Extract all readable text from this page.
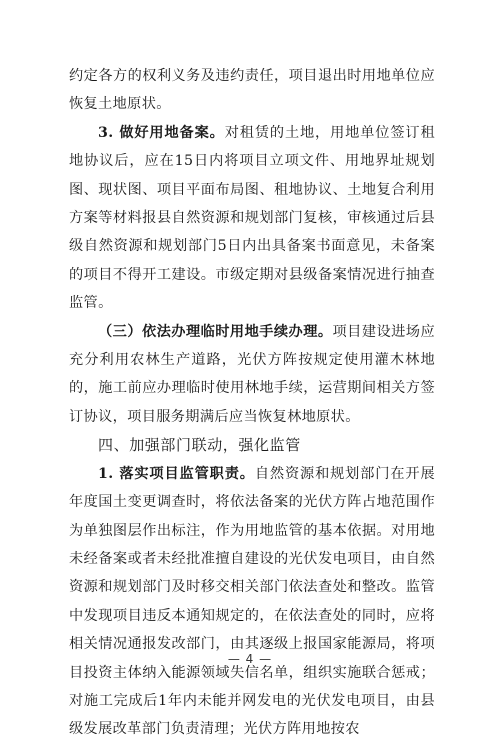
约定各方的权利义务及违约责任，项目退出时用地单位应恢复土地原状。

3. 做好用地备案。对租赁的土地，用地单位签订租地协议后，应在15日内将项目立项文件、用地界址规划图、现状图、项目平面布局图、租地协议、土地复合利用方案等材料报县自然资源和规划部门复核，审核通过后县级自然资源和规划部门5日内出具备案书面意见，未备案的项目不得开工建设。市级定期对县级备案情况进行抽查监管。

（三）依法办理临时用地手续办理。项目建设进场应充分利用农林生产道路，光伏方阵按规定使用灌木林地的，施工前应办理临时使用林地手续，运营期间相关方签订协议，项目服务期满后应当恢复林地原状。

四、加强部门联动，强化监管

1. 落实项目监管职责。自然资源和规划部门在开展年度国土变更调查时，将依法备案的光伏方阵占地范围作为单独图层作出标注，作为用地监管的基本依据。对用地未经备案或者未经批准擅自建设的光伏发电项目，由自然资源和规划部门及时移交相关部门依法查处和整改。监管中发现项目违反本通知规定的，在依法查处的同时，应将相关情况通报发改部门，由其逐级上报国家能源局，将项目投资主体纳入能源领域失信名单，组织实施联合惩戒；对施工完成后1年内未能并网发电的光伏发电项目，由县级发展改革部门负责清理；光伏方阵用地按农

— 4 —
